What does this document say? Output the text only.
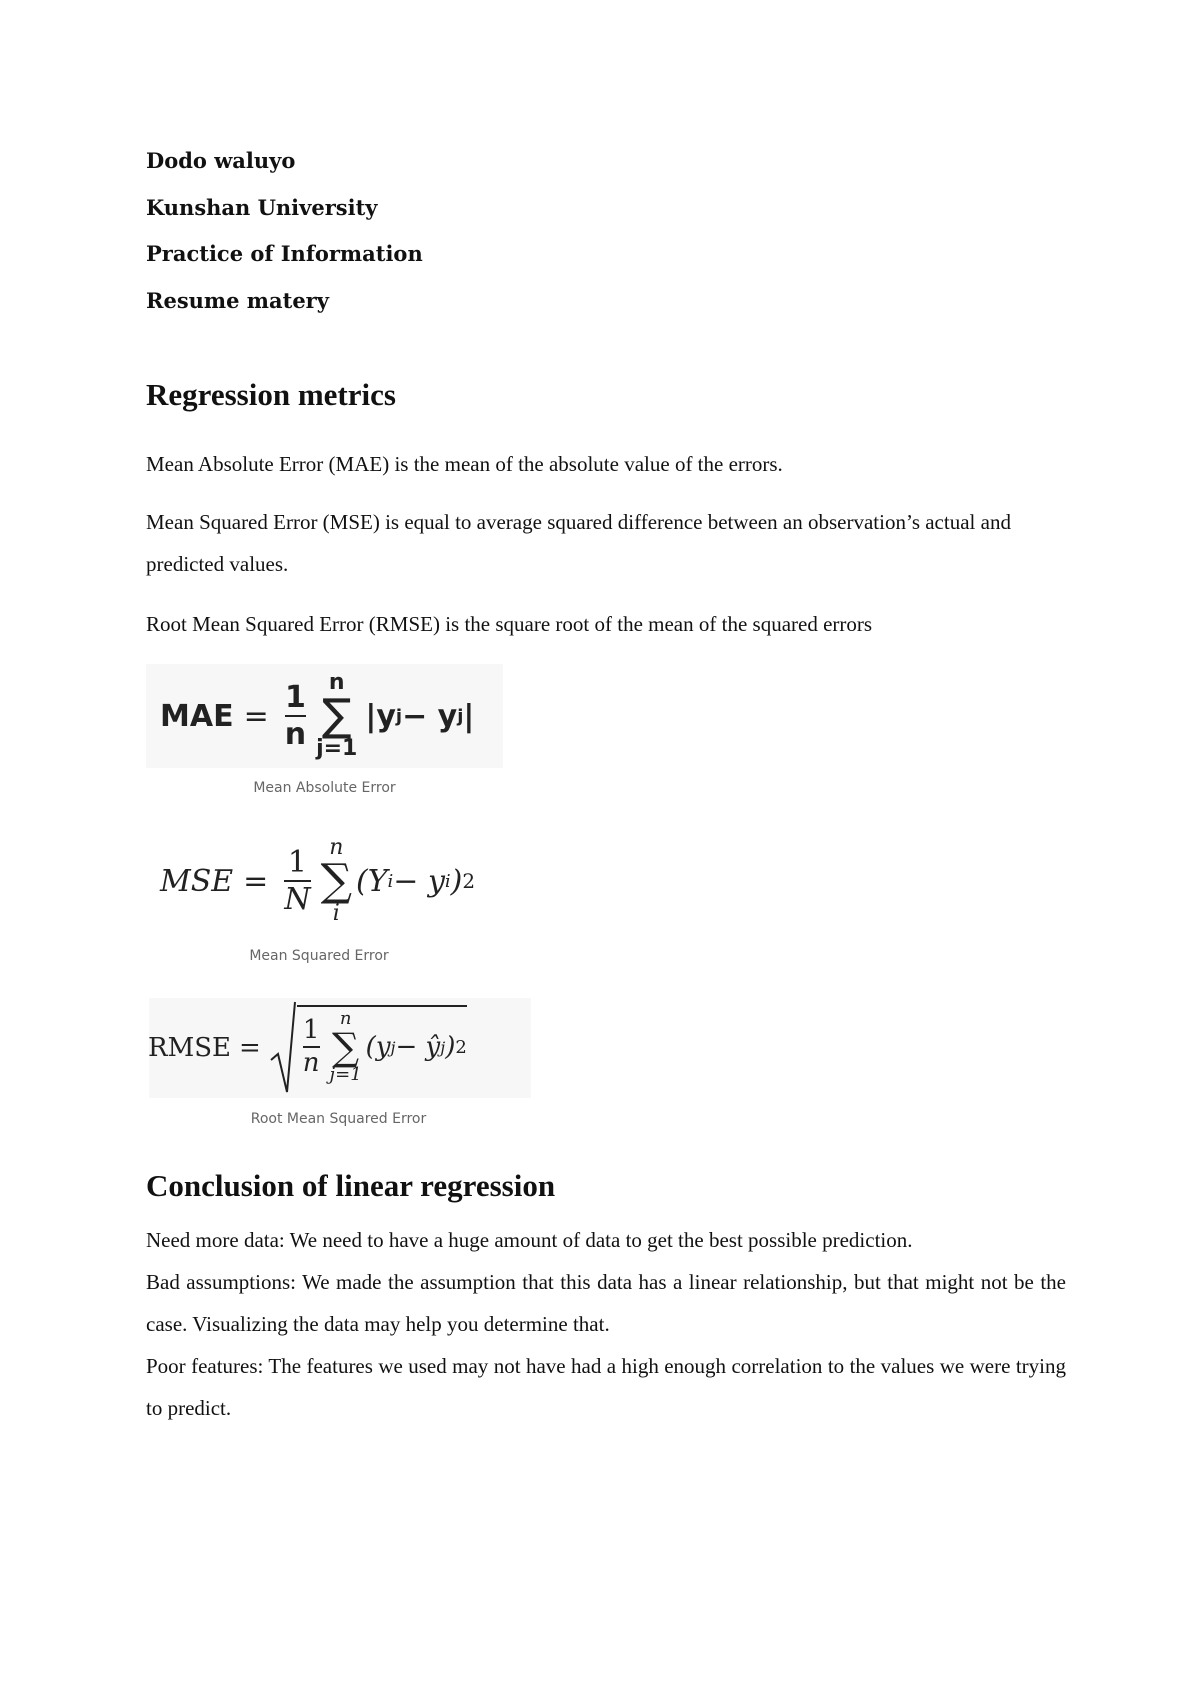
Dodo waluyo
Kunshan University
Practice of Information
Resume matery
Regression metrics
Mean Absolute Error (MAE) is the mean of the absolute value of the errors.
Mean Squared Error (MSE) is equal to average squared difference between an observation’s actual and predicted values.
Root Mean Squared Error (RMSE) is the square root of the mean of the squared errors
MAE = $\frac{1}{n}$ n
∑
j=1
|y j − y j |
Mean Absolute Error
MSE = $\frac{1}{N}$ n
∑
i
(Y i − y i ) 2
Mean Squared Error
RMSE = $\frac{1}{n}$ n
∑
j=1
(y j − ŷ j ) 2
Root Mean Squared Error
Conclusion of linear regression
Need more data: We need to have a huge amount of data to get the best possible prediction.
Bad assumptions: We made the assumption that this data has a linear relationship, but that might not be the case. Visualizing the data may help you determine that.
Poor features: The features we used may not have had a high enough correlation to the values we were trying to predict.
